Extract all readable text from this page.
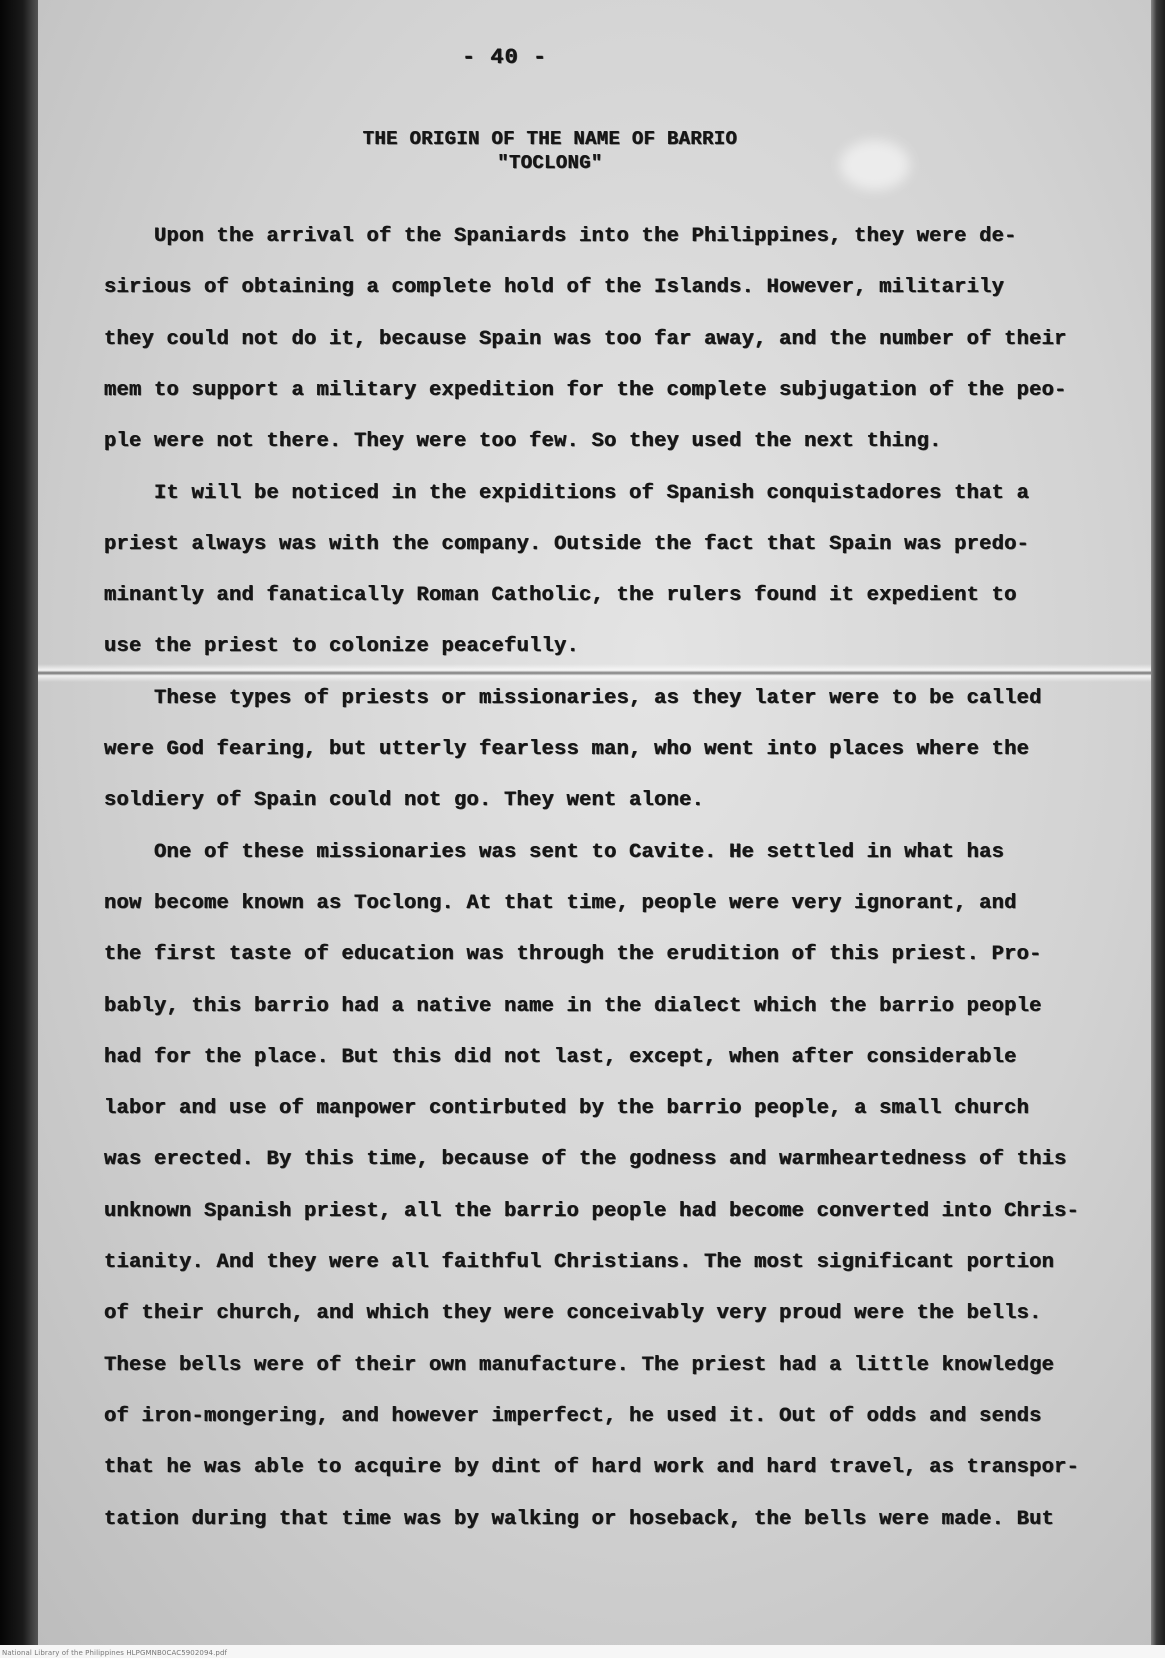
- 40 -
THE ORIGIN OF THE NAME OF BARRIO
"TOCLONG"
Upon the arrival of the Spaniards into the Philippines, they were de-
sirious of obtaining a complete hold of the Islands. However, militarily
they could not do it, because Spain was too far away, and the number of their
mem to support a military expedition for the complete subjugation of the peo-
ple were not there. They were too few. So they used the next thing.
It will be noticed in the expiditions of Spanish conquistadores that a
priest always was with the company. Outside the fact that Spain was predo-
minantly and fanatically Roman Catholic, the rulers found it expedient to
use the priest to colonize peacefully.
These types of priests or missionaries, as they later were to be called
were God fearing, but utterly fearless man, who went into places where the
soldiery of Spain could not go. They went alone.
One of these missionaries was sent to Cavite. He settled in what has
now become known as Toclong. At that time, people were very ignorant, and
the first taste of education was through the erudition of this priest. Pro-
bably, this barrio had a native name in the dialect which the barrio people
had for the place. But this did not last, except, when after considerable
labor and use of manpower contirbuted by the barrio people, a small church
was erected. By this time, because of the godness and warmheartedness of this
unknown Spanish priest, all the barrio people had become converted into Chris-
tianity. And they were all faithful Christians. The most significant portion
of their church, and which they were conceivably very proud were the bells.
These bells were of their own manufacture. The priest had a little knowledge
of iron-mongering, and however imperfect, he used it. Out of odds and sends
that he was able to acquire by dint of hard work and hard travel, as transpor-
tation during that time was by walking or hoseback, the bells were made. But
National Library of the Philippines HLPGMNB0CAC5902094.pdf
